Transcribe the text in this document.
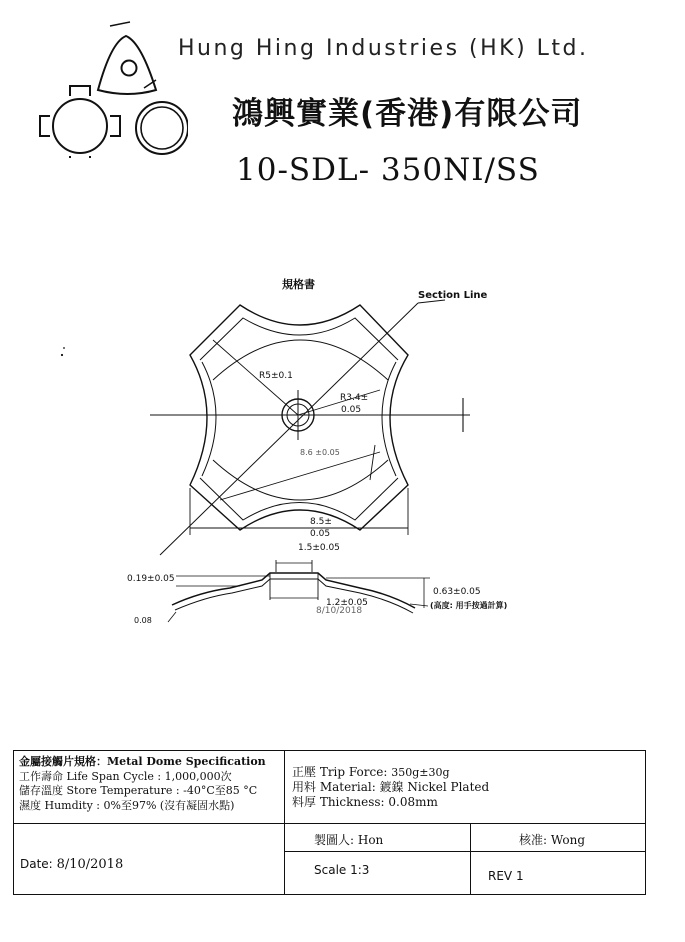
Hung Hing Industries (HK) Ltd.
鴻興實業(香港)有限公司
10-SDL- 350NI/SS
規格書
Section Line
R5±0.1
R3.4±
0.05
8.6 ±0.05
8.5±
0.05
1.5±0.05
0.19±0.05
0.63±0.05
(高度: 用手按過計算)
1.2±0.05
8/10/2018
0.08
金屬接觸片規格：Metal Dome Specification
工作壽命 Life Span Cycle : 1,000,000次
儲存溫度 Store Temperature : -40°C至85 °C
濕度 Humdity : 0%至97% (沒有凝固水點)
正壓 Trip Force: 350g±30g
用料 Material: 鍍鎳 Nickel Plated
料厚 Thickness: 0.08mm
製圖人: Hon	核准: Wong
Date: 8/10/2018	Scale 1:3	REV 1
